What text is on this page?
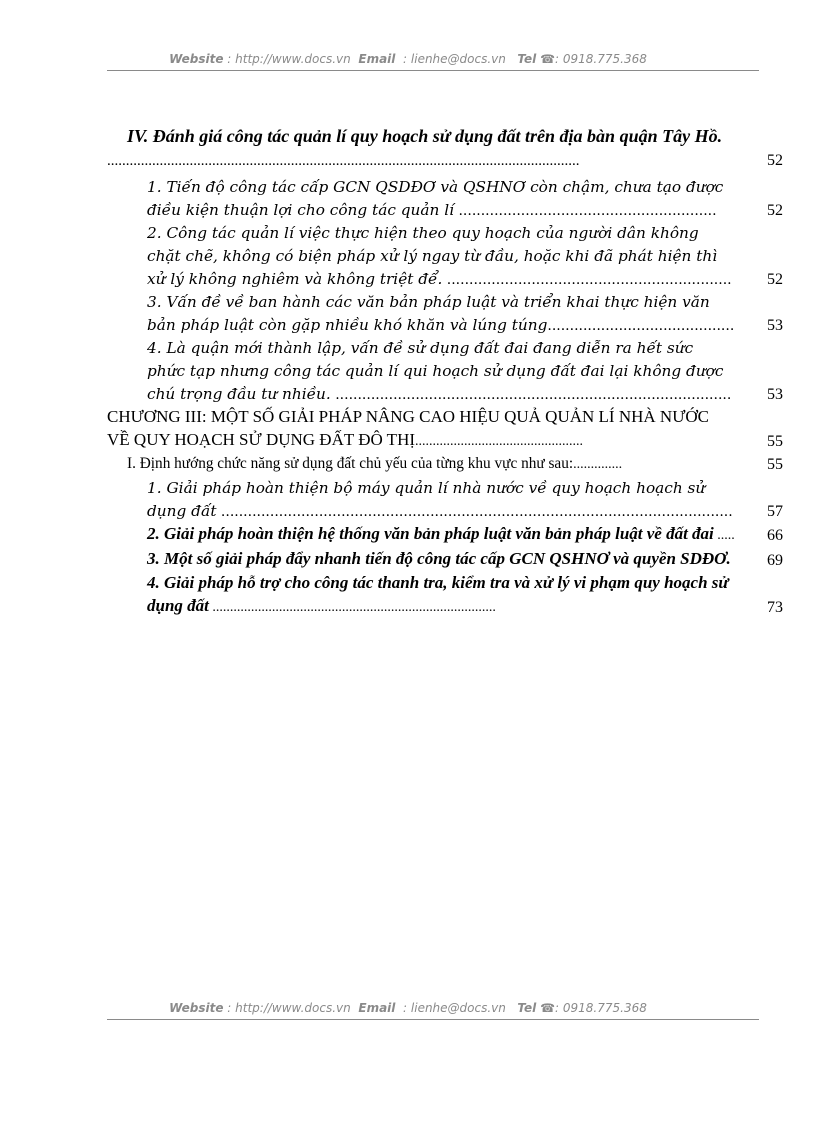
Website : http://www.docs.vn Email : lienhe@docs.vn Tel ☎: 0918.775.368
IV. Đánh giá công tác quản lí quy hoạch sử dụng đất trên địa bàn quận Tây Hồ.
..............................................................................................................................	52
1. Tiến độ công tác cấp GCN QSDĐƠ và QSHNƠ còn chậm, chưa tạo được điều kiện thuận lợi cho công tác quản lí ..........................................................	52
2. Công tác quản lí việc thực hiện theo quy hoạch của người dân không chặt chẽ, không có biện pháp xử lý ngay từ đầu, hoặc khi đã phát hiện thì xử lý không nghiêm và không triệt để. ................................................................ 52
3. Vấn đề về ban hành các văn bản pháp luật và triển khai thực hiện văn bản pháp luật còn gặp nhiều khó khăn và lúng túng.......................................... 53
4. Là quận mới thành lập, vấn đề sử dụng đất đai đang diễn ra hết sức phức tạp nhưng công tác quản lí qui hoạch sử dụng đất đai lại không được chú trọng đầu tư nhiều. ......................................................................................... 53
CHƯƠNG III: MỘT SỐ GIẢI PHÁP NÂNG CAO HIỆU QUẢ QUẢN LÍ NHÀ NƯỚC VỀ QUY HOẠCH SỬ DỤNG ĐẤT ĐÔ THỊ................................................	55
I. Định hướng chức năng sử dụng đất chủ yếu của từng khu vực như sau:..............	55
1. Giải pháp hoàn thiện bộ máy quản lí nhà nước về quy hoạch hoạch sử dụng đất ................................................................................................................... 57
2. Giải pháp hoàn thiện hệ thống văn bản pháp luật văn bản pháp luật về đất đai ..... 66
3. Một số giải pháp đẩy nhanh tiến độ công tác cấp GCN QSHNƠ và quyền SDĐƠ. 69
4. Giải pháp hỗ trợ cho công tác thanh tra, kiểm tra và xử lý vi phạm quy hoạch sử dụng đất .................................................................................	73
Website : http://www.docs.vn Email : lienhe@docs.vn Tel ☎: 0918.775.368
